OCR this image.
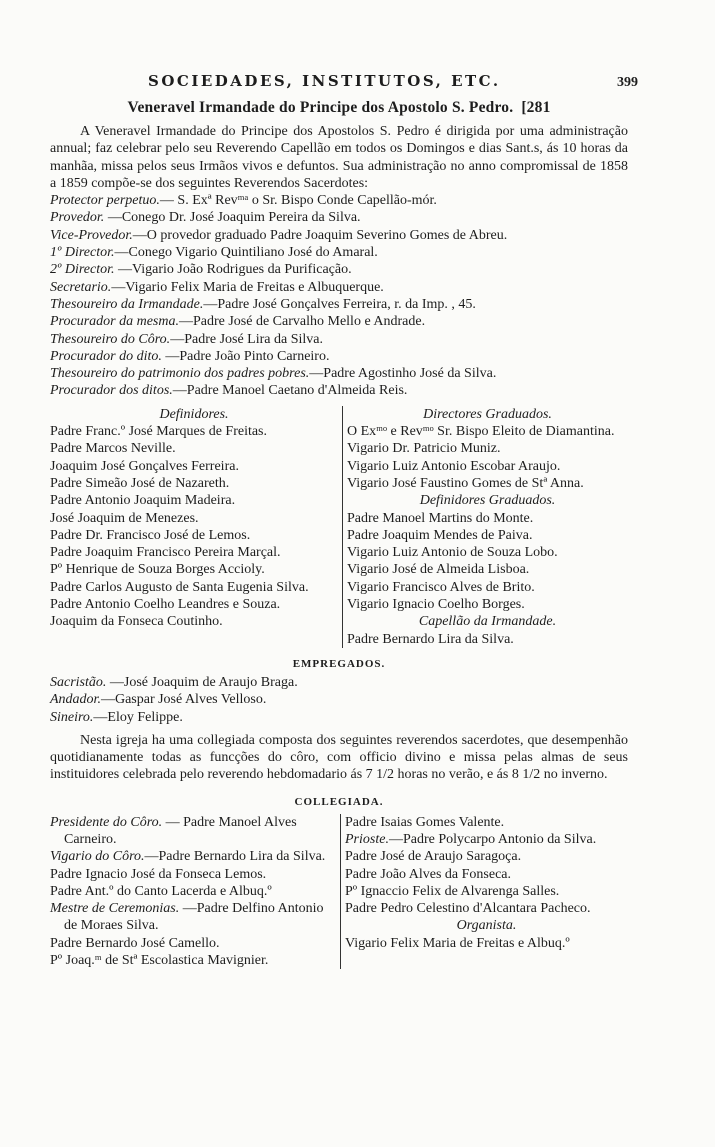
SOCIEDADES, INSTITUTOS, ETC.	399
Veneravel Irmandade do Principe dos Apostolo S. Pedro. [281

A Veneravel Irmandade do Principe dos Apostolos S. Pedro é dirigida por uma administração annual; faz celebrar pelo seu Reverendo Capellão em todos os Domingos e dias Sant.s, ás 10 horas da manhãa, missa pelos seus Irmãos vivos e defuntos. Sua administração no anno compromissal de 1858 a 1859 compõe-se dos seguintes Reverendos Sacerdotes:

Protector perpetuo.— S. Exª Revᵐᵃ o Sr. Bispo Conde Capellão-mór.
Provedor. —Conego Dr. José Joaquim Pereira da Silva.
Vice-Provedor.—O provedor graduado Padre Joaquim Severino Gomes de Abreu.
1º Director.—Conego Vigario Quintiliano José do Amaral.
2º Director. —Vigario João Rodrigues da Purificação.
Secretario.—Vigario Felix Maria de Freitas e Albuquerque.
Thesoureiro da Irmandade.—Padre José Gonçalves Ferreira, r. da Imp. , 45.
Procurador da mesma.—Padre José de Carvalho Mello e Andrade.
Thesoureiro do Côro.—Padre José Lira da Silva.
Procurador do dito. —Padre João Pinto Carneiro.
Thesoureiro do patrimonio dos padres pobres.—Padre Agostinho José da Silva.
Procurador dos ditos.—Padre Manoel Caetano d'Almeida Reis.
Definidores.
Padre Franc.º José Marques de Freitas.
Padre Marcos Neville.
Joaquim José Gonçalves Ferreira.
Padre Simeão José de Nazareth.
Padre Antonio Joaquim Madeira.
José Joaquim de Menezes.
Padre Dr. Francisco José de Lemos.
Padre Joaquim Francisco Pereira Marçal.
Pº Henrique de Souza Borges Accioly.
Padre Carlos Augusto de Santa Eugenia Silva.
Padre Antonio Coelho Leandres e Souza.
Joaquim da Fonseca Coutinho.
Directores Graduados.
O Exᵐᵒ e Revᵐᵒ Sr. Bispo Eleito de Diamantina.
Vigario Dr. Patricio Muniz.
Vigario Luiz Antonio Escobar Araujo.
Vigario José Faustino Gomes de Stª Anna.
Definidores Graduados.
Padre Manoel Martins do Monte.
Padre Joaquim Mendes de Paiva.
Vigario Luiz Antonio de Souza Lobo.
Vigario José de Almeida Lisboa.
Vigario Francisco Alves de Brito.
Vigario Ignacio Coelho Borges.
Capellão da Irmandade.
Padre Bernardo Lira da Silva.
EMPREGADOS.
Sacristão. —José Joaquim de Araujo Braga.
Andador.—Gaspar José Alves Velloso.
Sineiro.—Eloy Felippe.

Nesta igreja ha uma collegiada composta dos seguintes reverendos sacerdotes, que desempenhão quotidianamente todas as funcções do côro, com officio divino e missa pelas almas de seus instituidores celebrada pelo reverendo hebdomadario ás 7 1/2 horas no verão, e ás 8 1/2 no inverno.

COLLEGIADA.
Presidente do Côro. — Padre Manoel Alves Carneiro.
Vigario do Côro.—Padre Bernardo Lira da Silva.
Padre Ignacio José da Fonseca Lemos.
Padre Ant.º do Canto Lacerda e Albuq.º
Mestre de Ceremonias. —Padre Delfino Antonio de Moraes Silva.
Padre Bernardo José Camello.
Pº Joaq.ᵐ de Stª Escolastica Mavignier.
Padre Isaias Gomes Valente.
Prioste.—Padre Polycarpo Antonio da Silva.
Padre José de Araujo Saragoça.
Padre João Alves da Fonseca.
Pº Ignaccio Felix de Alvarenga Salles.
Padre Pedro Celestino d'Alcantara Pacheco.
Organista.
Vigario Felix Maria de Freitas e Albuq.º
